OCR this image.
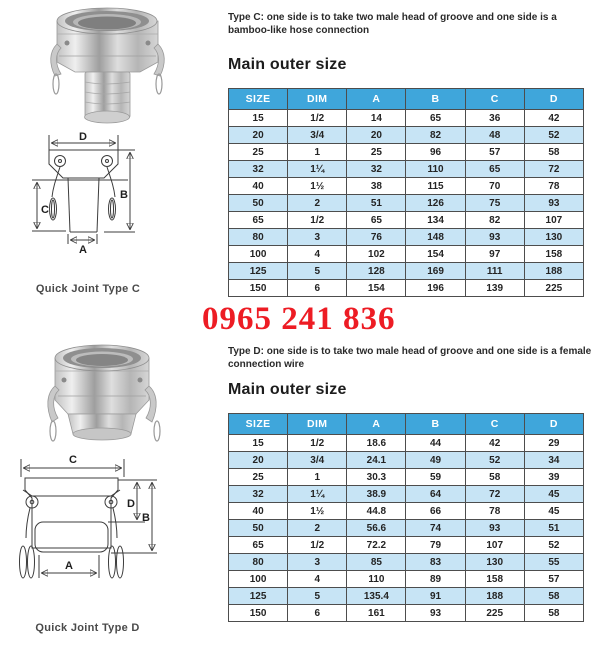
D
B
C
A
Quick Joint Type C
C
D
B
A
Quick Joint Type D
Type C: one side is to take two male head of groove and one side is a bamboo-like hose connection
Main outer size
SIZE	DIM	A	B	C	D
15	1/2	14	65	36	42
20	3/4	20	82	48	52
25	1	25	96	57	58
32	1¼	32	110	65	72
40	1½	38	115	70	78
50	2	51	126	75	93
65	1/2	65	134	82	107
80	3	76	148	93	130
100	4	102	154	97	158
125	5	128	169	111	188
150	6	154	196	139	225
0965 241 836
Type D: one side is to take two male head of groove and one side is a female connection wire
Main outer size
SIZE	DIM	A	B	C	D
15	1/2	18.6	44	42	29
20	3/4	24.1	49	52	34
25	1	30.3	59	58	39
32	1¼	38.9	64	72	45
40	1½	44.8	66	78	45
50	2	56.6	74	93	51
65	1/2	72.2	79	107	52
80	3	85	83	130	55
100	4	110	89	158	57
125	5	135.4	91	188	58
150	6	161	93	225	58
